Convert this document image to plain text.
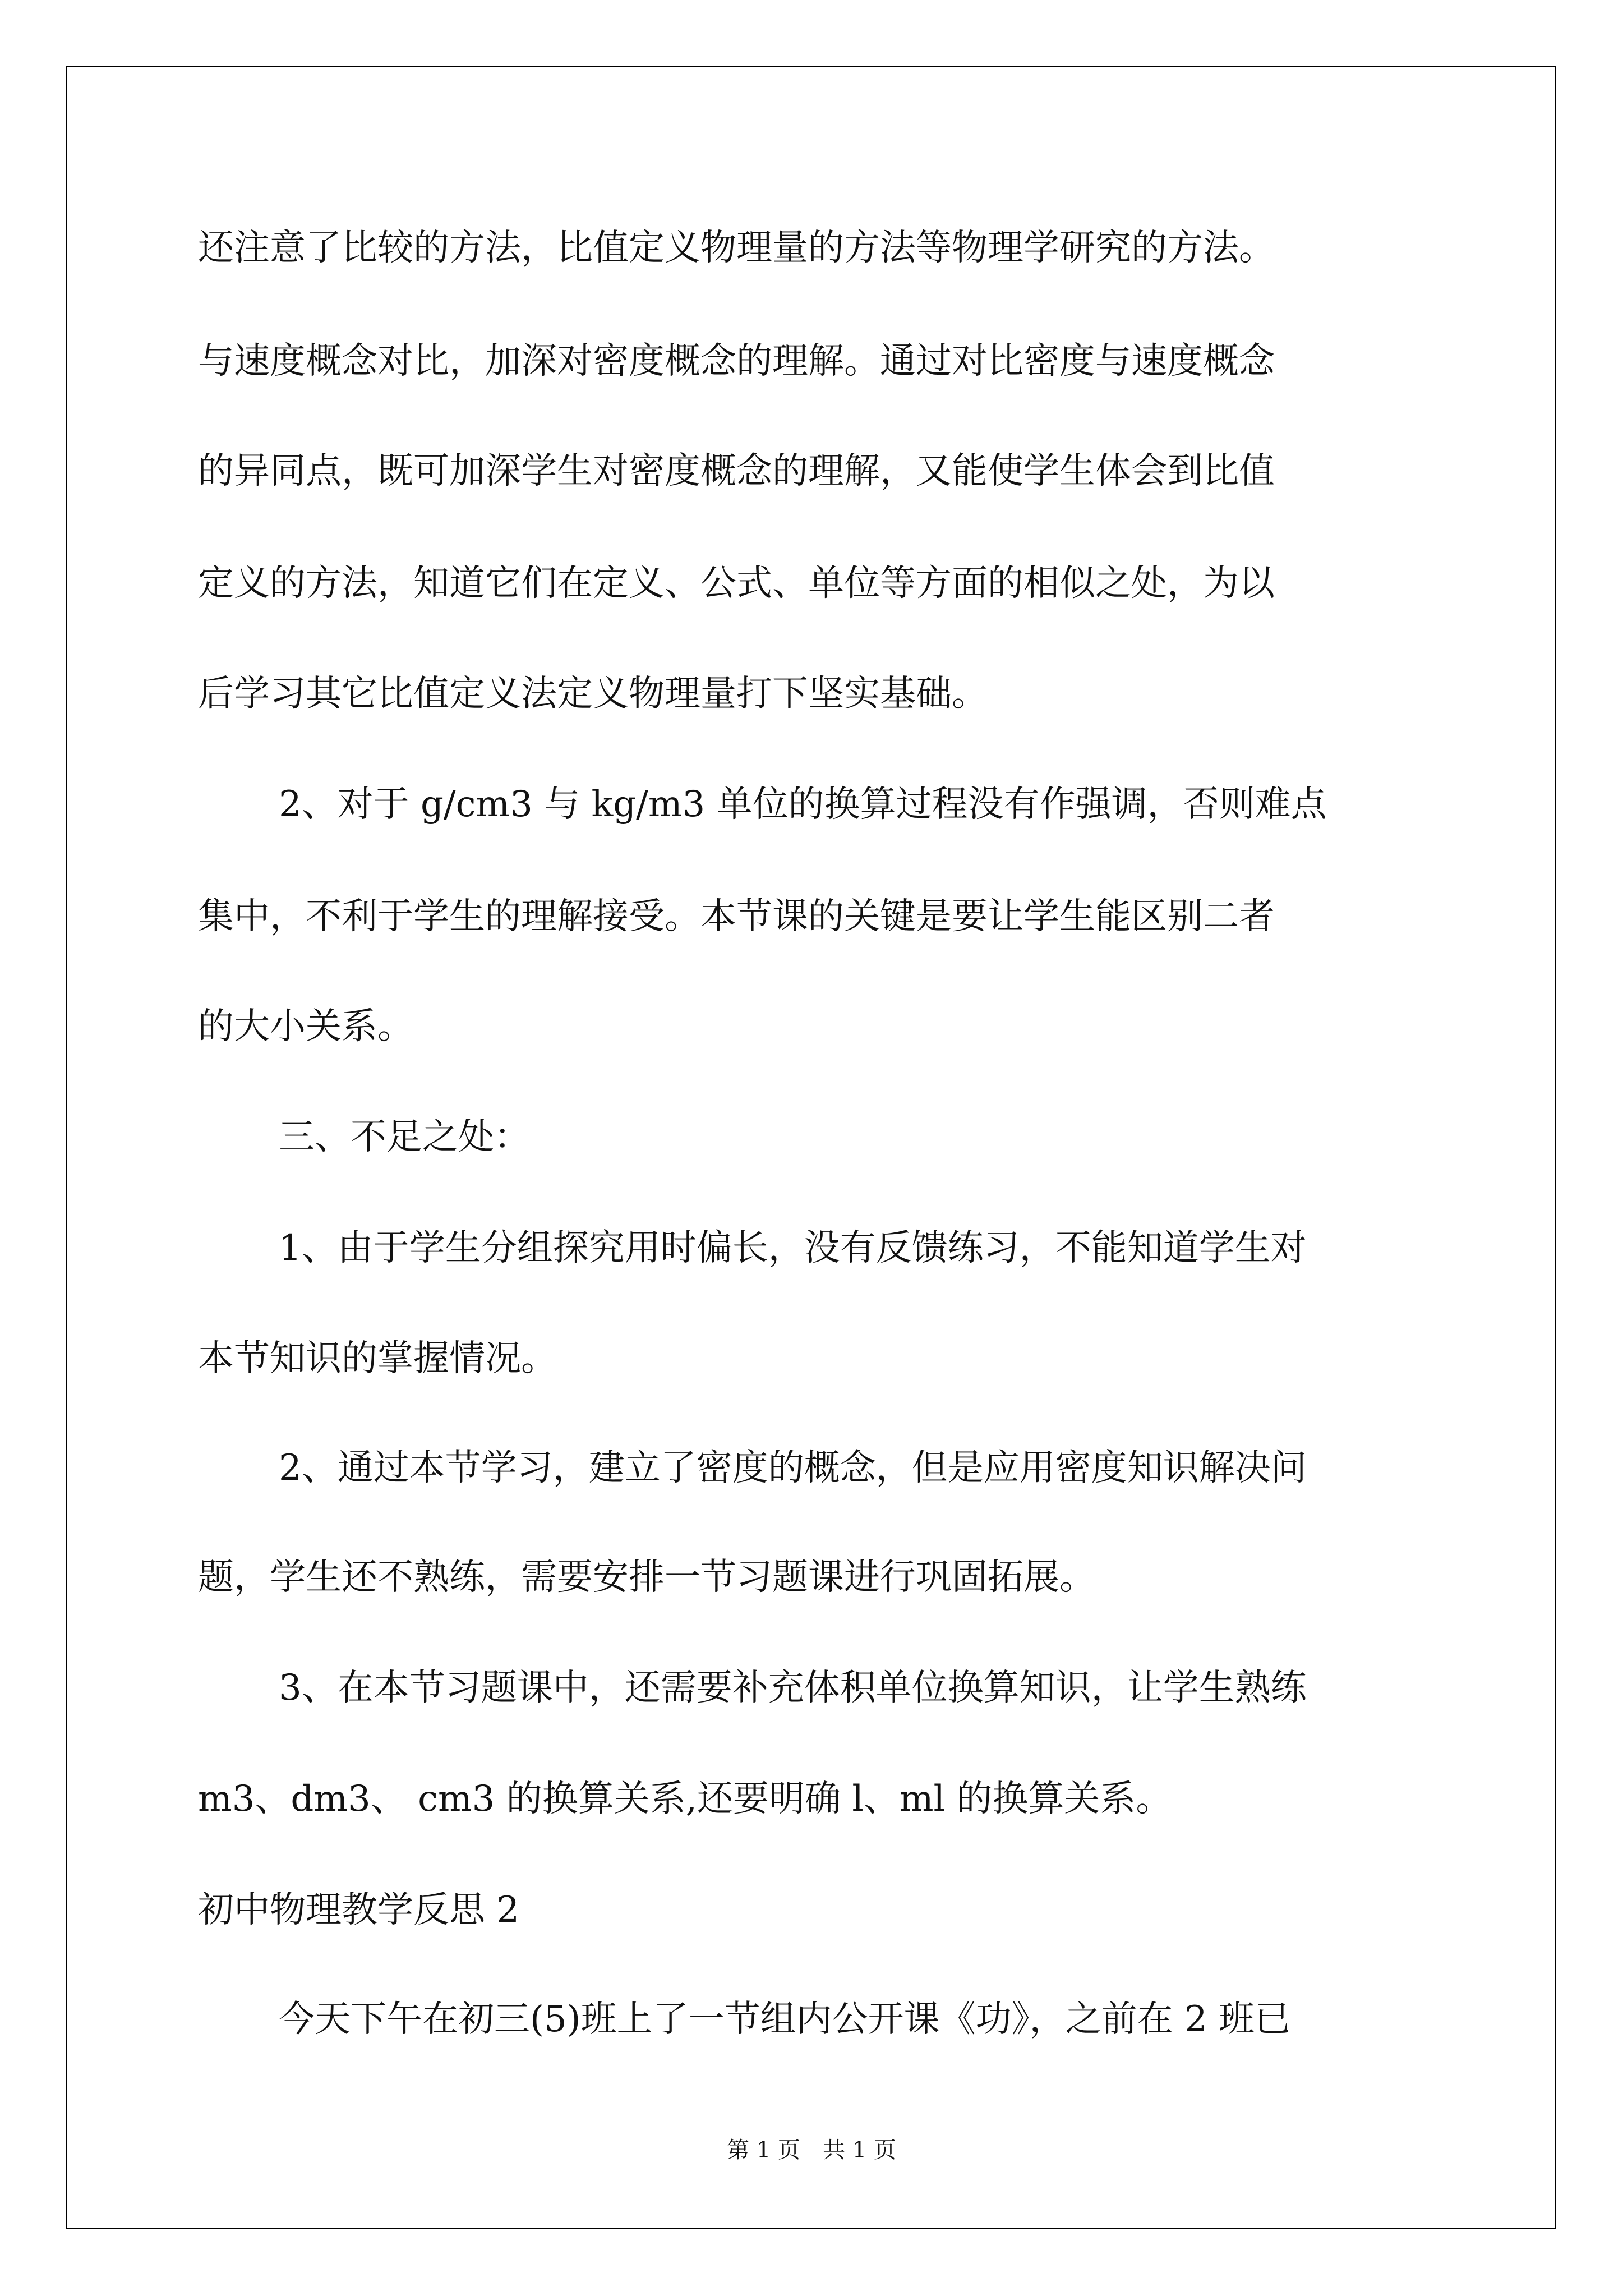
还注意了比较的方法，比值定义物理量的方法等物理学研究的方法。

与速度概念对比，加深对密度概念的理解。通过对比密度与速度概念

的异同点，既可加深学生对密度概念的理解，又能使学生体会到比值

定义的方法，知道它们在定义、公式、单位等方面的相似之处，为以

后学习其它比值定义法定义物理量打下坚实基础。

2、对于 g/cm3 与 kg/m3 单位的换算过程没有作强调，否则难点

集中，不利于学生的理解接受。本节课的关键是要让学生能区别二者

的大小关系。

三、不足之处：

1、由于学生分组探究用时偏长，没有反馈练习，不能知道学生对

本节知识的掌握情况。

2、通过本节学习，建立了密度的概念，但是应用密度知识解决问

题，学生还不熟练，需要安排一节习题课进行巩固拓展。

3、在本节习题课中，还需要补充体积单位换算知识，让学生熟练

m3、dm3、 cm3 的换算关系,还要明确 l、ml 的换算关系。

初中物理教学反思 2

今天下午在初三(5)班上了一节组内公开课《功》，之前在 2 班已

第 1 页　共 1 页
